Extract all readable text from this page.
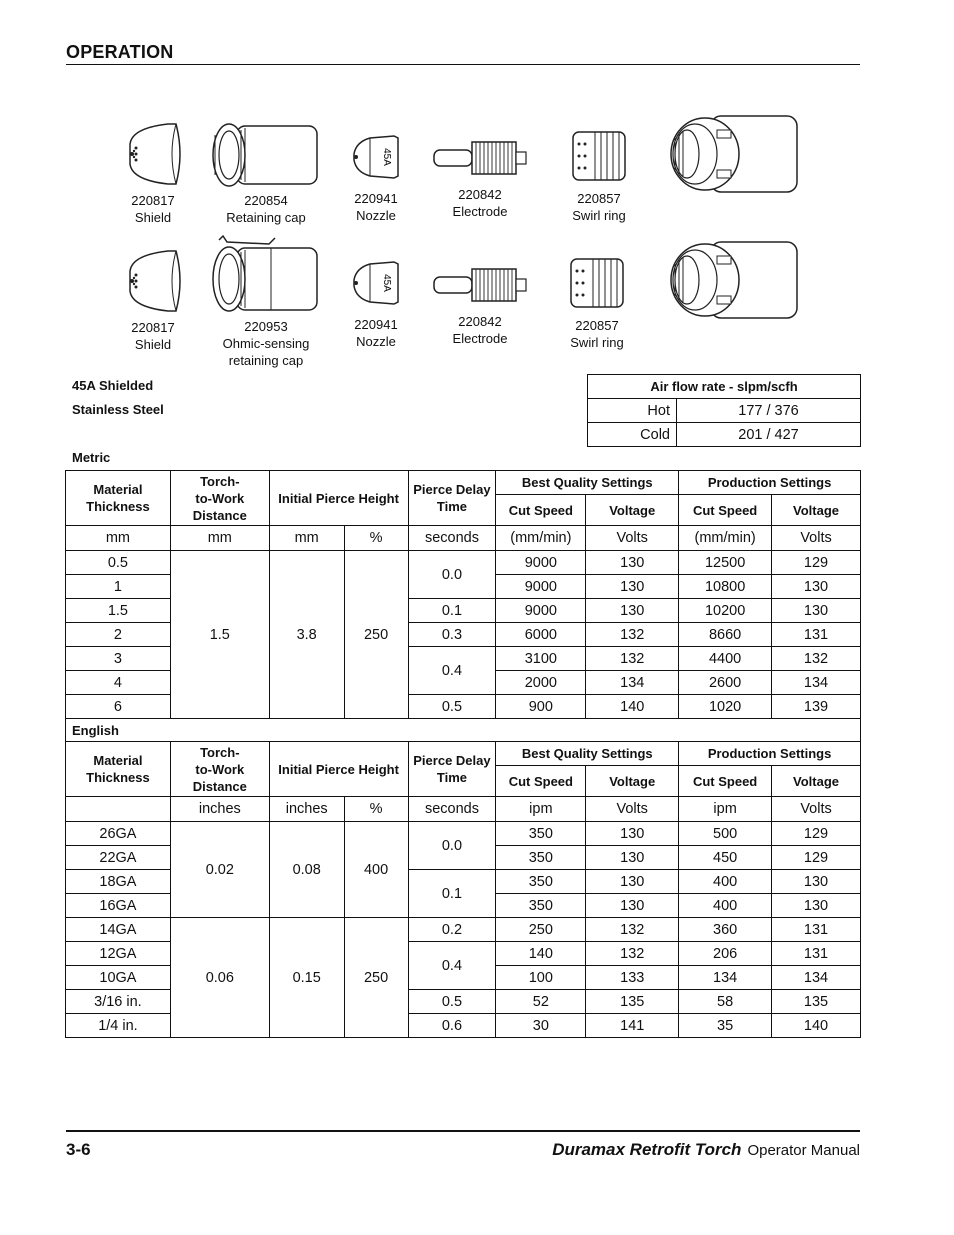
OPERATION
220817
Shield
220854
Retaining cap
45A
220941
Nozzle
220842
Electrode
220857
Swirl ring
220817
Shield
220953
Ohmic-sensing
retaining cap
45A
220941
Nozzle
220842
Electrode
220857
Swirl ring
45A Shielded
Stainless Steel
Air flow rate - slpm/scfh	
Hot	177 / 376
Cold	201 / 427
Metric
Material Thickness	Torch-
to-Work
Distance	Initial Pierce Height		Pierce Delay Time	Best Quality Settings		Production Settings	
					Cut Speed	Voltage	Cut Speed	Voltage
mm	mm	mm	%	seconds	(mm/min)	Volts	(mm/min)	Volts
0.5	1.5	3.8	250	0.0	9000	130	12500	129
1					9000	130	10800	130
1.5				0.1	9000	130	10200	130
2				0.3	6000	132	8660	131
3				0.4	3100	132	4400	132
4					2000	134	2600	134
6				0.5	900	140	1020	139
English								
Material Thickness	Torch-
to-Work
Distance	Initial Pierce Height		Pierce Delay Time	Best Quality Settings		Production Settings	
					Cut Speed	Voltage	Cut Speed	Voltage
	inches	inches	%	seconds	ipm	Volts	ipm	Volts
26GA	0.02	0.08	400	0.0	350	130	500	129
22GA					350	130	450	129
18GA				0.1	350	130	400	130
16GA					350	130	400	130
14GA	0.06	0.15	250	0.2	250	132	360	131
12GA				0.4	140	132	206	131
10GA					100	133	134	134
3/16 in.				0.5	52	135	58	135
1/4 in.				0.6	30	141	35	140
3-6	Duramax Retrofit Torch Operator Manual
